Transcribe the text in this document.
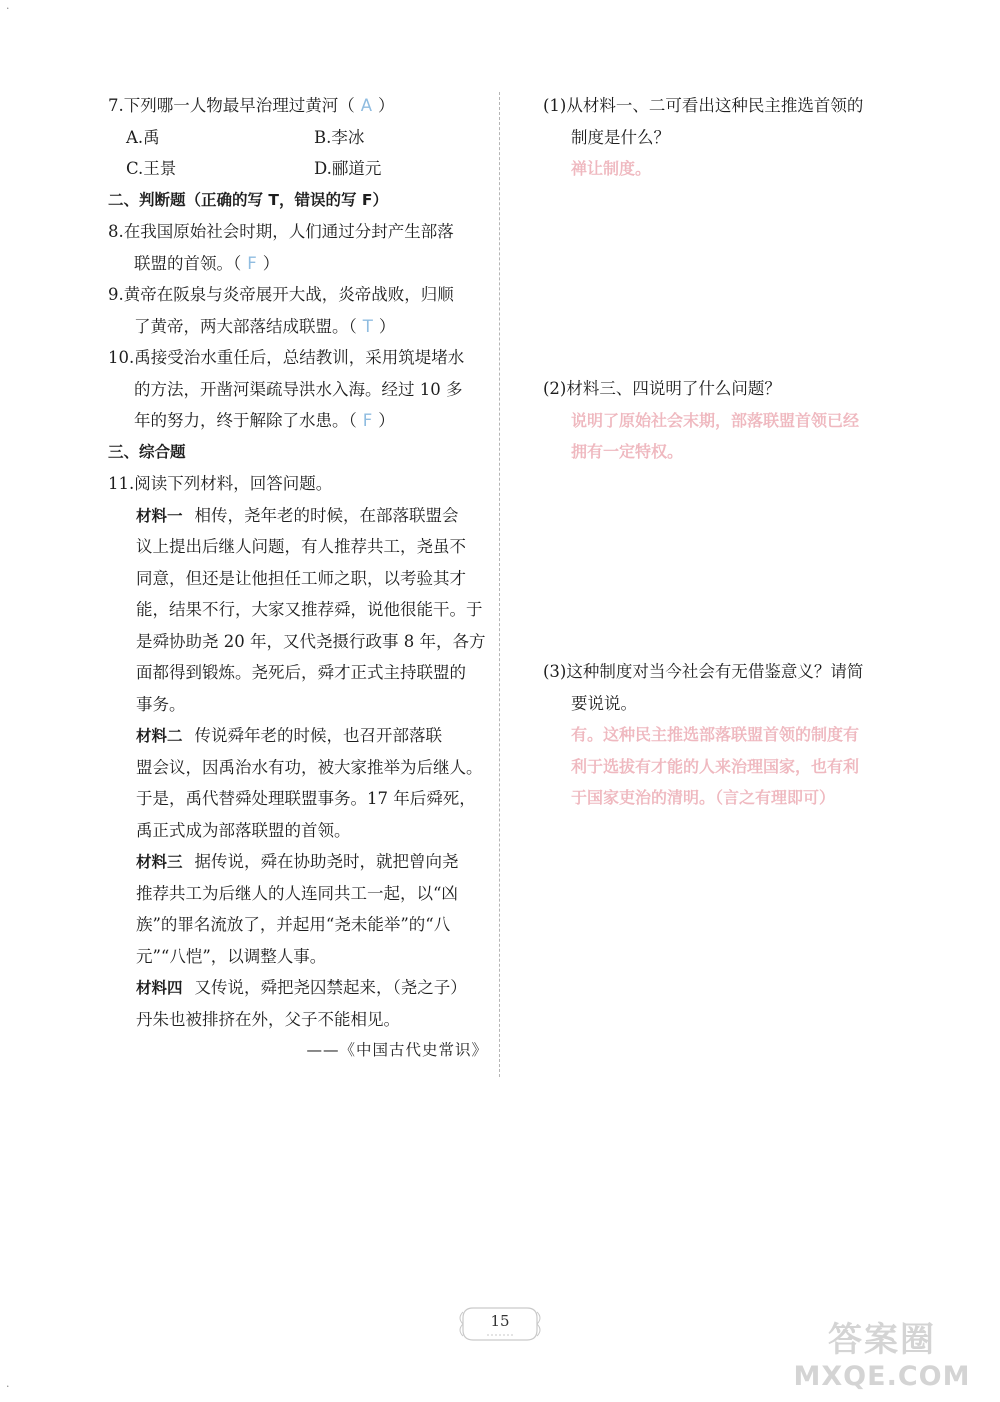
·
·
7.下列哪一人物最早治理过黄河（ A ）
A.禹	B.李冰
C.王景	D.郦道元
二、判断题（正确的写 T，错误的写 F）
8.在我国原始社会时期，人们通过分封产生部落
联盟的首领。（ F ）
9.黄帝在阪泉与炎帝展开大战，炎帝战败，归顺
了黄帝，两大部落结成联盟。（ T ）
10.禹接受治水重任后，总结教训，采用筑堤堵水
的方法，开凿河渠疏导洪水入海。经过 10 多
年的努力，终于解除了水患。（ F ）
三、综合题
11.阅读下列材料，回答问题。
材料一 相传，尧年老的时候，在部落联盟会
议上提出后继人问题，有人推荐共工，尧虽不
同意，但还是让他担任工师之职，以考验其才
能，结果不行，大家又推荐舜，说他很能干。于
是舜协助尧 20 年，又代尧摄行政事 8 年，各方
面都得到锻炼。尧死后，舜才正式主持联盟的
事务。
材料二 传说舜年老的时候，也召开部落联
盟会议，因禹治水有功，被大家推举为后继人。
于是，禹代替舜处理联盟事务。17 年后舜死，
禹正式成为部落联盟的首领。
材料三 据传说，舜在协助尧时，就把曾向尧
推荐共工为后继人的人连同共工一起，以“凶
族”的罪名流放了，并起用“尧未能举”的“八
元”“八恺”，以调整人事。
材料四 又传说，舜把尧囚禁起来，（尧之子）
丹朱也被排挤在外，父子不能相见。
——《中国古代史常识》
(1)从材料一、二可看出这种民主推选首领的
制度是什么？
禅让制度。
(2)材料三、四说明了什么问题？
说明了原始社会末期，部落联盟首领已经
拥有一定特权。
(3)这种制度对当今社会有无借鉴意义？请简
要说说。
有。这种民主推选部落联盟首领的制度有
利于选拔有才能的人来治理国家，也有利
于国家吏治的清明。（言之有理即可）
15	答案圈
MXQE.COM
